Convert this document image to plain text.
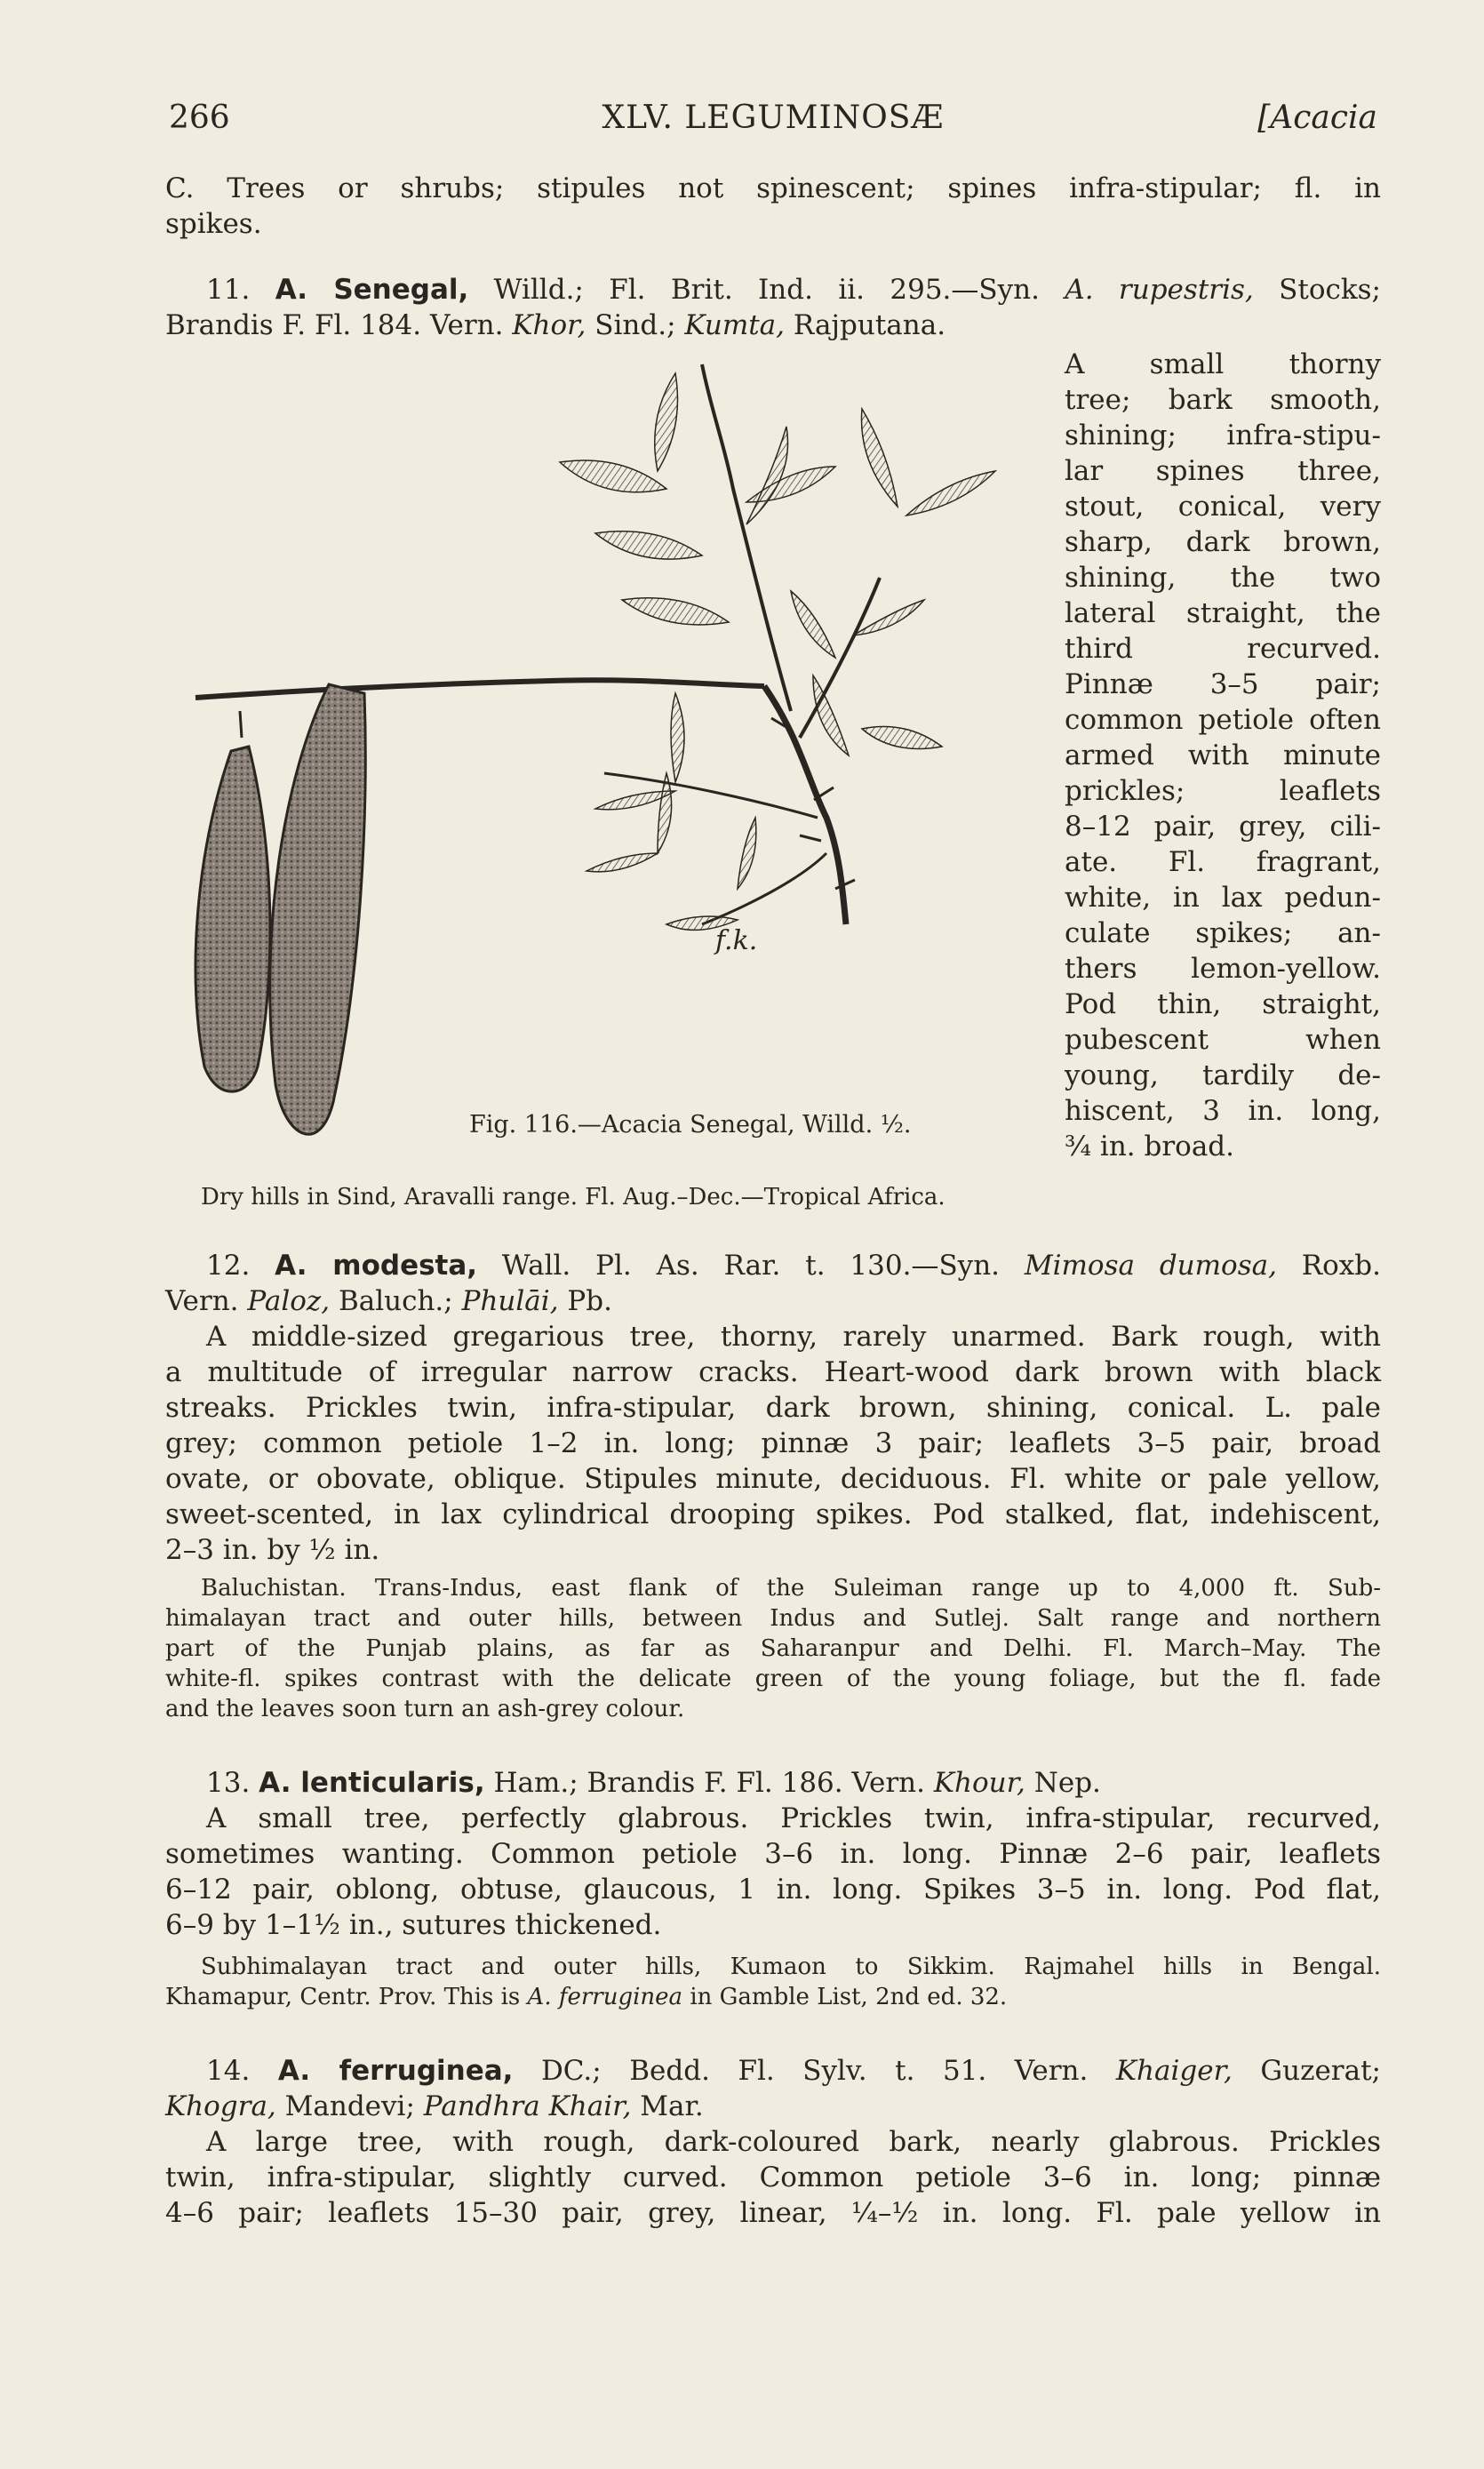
266	XLV. LEGUMINOSÆ	[Acacia
C. Trees or shrubs; stipules not spinescent; spines infra-stipular; fl. in
spikes.
11. A. Senegal, Willd.; Fl. Brit. Ind. ii. 295.—Syn. A. rupestris, Stocks;
Brandis F. Fl. 184. Vern. Khor, Sind.; Kumta, Rajputana.
f.k.
Fig. 116.—Acacia Senegal, Willd. ½.
A small thorny
tree; bark smooth,
shining; infra-stipu-
lar spines three,
stout, conical, very
sharp, dark brown,
shining, the two
lateral straight, the
third recurved.
Pinnæ 3–5 pair;
common petiole often
armed with minute
prickles; leaflets
8–12 pair, grey, cili-
ate. Fl. fragrant,
white, in lax pedun-
culate spikes; an-
thers lemon-yellow.
Pod thin, straight,
pubescent when
young, tardily de-
hiscent, 3 in. long,
¾ in. broad.
Dry hills in Sind, Aravalli range. Fl. Aug.–Dec.—Tropical Africa.
12. A. modesta, Wall. Pl. As. Rar. t. 130.—Syn. Mimosa dumosa, Roxb.
Vern. Paloz, Baluch.; Phulāi, Pb.
A middle-sized gregarious tree, thorny, rarely unarmed. Bark rough, with
a multitude of irregular narrow cracks. Heart-wood dark brown with black
streaks. Prickles twin, infra-stipular, dark brown, shining, conical. L. pale
grey; common petiole 1–2 in. long; pinnæ 3 pair; leaflets 3–5 pair, broad
ovate, or obovate, oblique. Stipules minute, deciduous. Fl. white or pale yellow,
sweet-scented, in lax cylindrical drooping spikes. Pod stalked, flat, indehiscent,
2–3 in. by ½ in.
Baluchistan. Trans-Indus, east flank of the Suleiman range up to 4,000 ft. Sub-
himalayan tract and outer hills, between Indus and Sutlej. Salt range and northern
part of the Punjab plains, as far as Saharanpur and Delhi. Fl. March–May. The
white-fl. spikes contrast with the delicate green of the young foliage, but the fl. fade
and the leaves soon turn an ash-grey colour.
13. A. lenticularis, Ham.; Brandis F. Fl. 186. Vern. Khour, Nep.
A small tree, perfectly glabrous. Prickles twin, infra-stipular, recurved,
sometimes wanting. Common petiole 3–6 in. long. Pinnæ 2–6 pair, leaflets
6–12 pair, oblong, obtuse, glaucous, 1 in. long. Spikes 3–5 in. long. Pod flat,
6–9 by 1–1½ in., sutures thickened.
Subhimalayan tract and outer hills, Kumaon to Sikkim. Rajmahel hills in Bengal.
Khamapur, Centr. Prov. This is A. ferruginea in Gamble List, 2nd ed. 32.
14. A. ferruginea, DC.; Bedd. Fl. Sylv. t. 51. Vern. Khaiger, Guzerat;
Khogra, Mandevi; Pandhra Khair, Mar.
A large tree, with rough, dark-coloured bark, nearly glabrous. Prickles
twin, infra-stipular, slightly curved. Common petiole 3–6 in. long; pinnæ
4–6 pair; leaflets 15–30 pair, grey, linear, ¼–½ in. long. Fl. pale yellow in
